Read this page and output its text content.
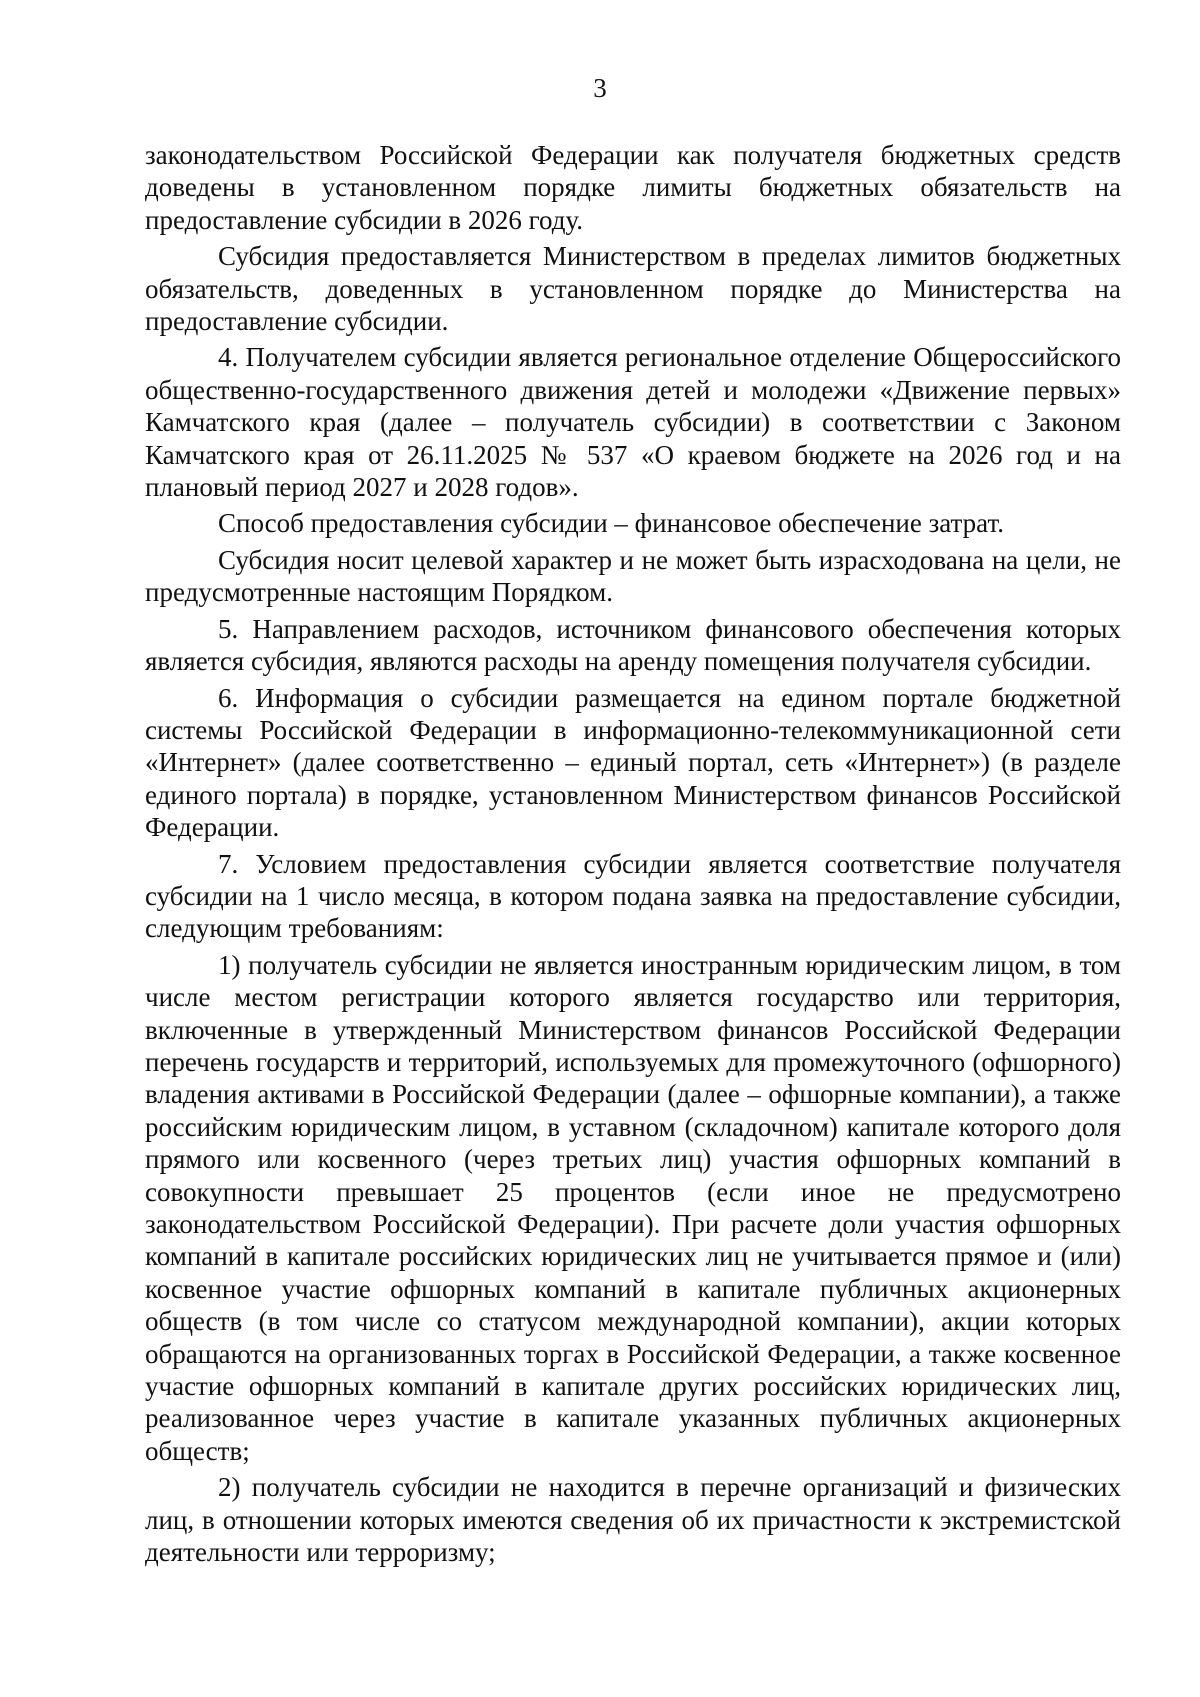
3

законодательством Российской Федерации как получателя бюджетных средств доведены в установленном порядке лимиты бюджетных обязательств на предоставление субсидии в 2026 году.

Субсидия предоставляется Министерством в пределах лимитов бюджетных обязательств, доведенных в установленном порядке до Министерства на предоставление субсидии.

4. Получателем субсидии является региональное отделение Общероссийского общественно-государственного движения детей и молодежи «Движение первых» Камчатского края (далее – получатель субсидии) в соответствии с Законом Камчатского края от 26.11.2025 № 537 «О краевом бюджете на 2026 год и на плановый период 2027 и 2028 годов».

Способ предоставления субсидии – финансовое обеспечение затрат.

Субсидия носит целевой характер и не может быть израсходована на цели, не предусмотренные настоящим Порядком.

5. Направлением расходов, источником финансового обеспечения которых является субсидия, являются расходы на аренду помещения получателя субсидии.

6. Информация о субсидии размещается на едином портале бюджетной системы Российской Федерации в информационно-телекоммуникационной сети «Интернет» (далее соответственно – единый портал, сеть «Интернет») (в разделе единого портала) в порядке, установленном Министерством финансов Российской Федерации.

7. Условием предоставления субсидии является соответствие получателя субсидии на 1 число месяца, в котором подана заявка на предоставление субсидии, следующим требованиям:

1) получатель субсидии не является иностранным юридическим лицом, в том числе местом регистрации которого является государство или территория, включенные в утвержденный Министерством финансов Российской Федерации перечень государств и территорий, используемых для промежуточного (офшорного) владения активами в Российской Федерации (далее – офшорные компании), а также российским юридическим лицом, в уставном (складочном) капитале которого доля прямого или косвенного (через третьих лиц) участия офшорных компаний в совокупности превышает 25 процентов (если иное не предусмотрено законодательством Российской Федерации). При расчете доли участия офшорных компаний в капитале российских юридических лиц не учитывается прямое и (или) косвенное участие офшорных компаний в капитале публичных акционерных обществ (в том числе со статусом международной компании), акции которых обращаются на организованных торгах в Российской Федерации, а также косвенное участие офшорных компаний в капитале других российских юридических лиц, реализованное через участие в капитале указанных публичных акционерных обществ;

2) получатель субсидии не находится в перечне организаций и физических лиц, в отношении которых имеются сведения об их причастности к экстремистской деятельности или терроризму;
